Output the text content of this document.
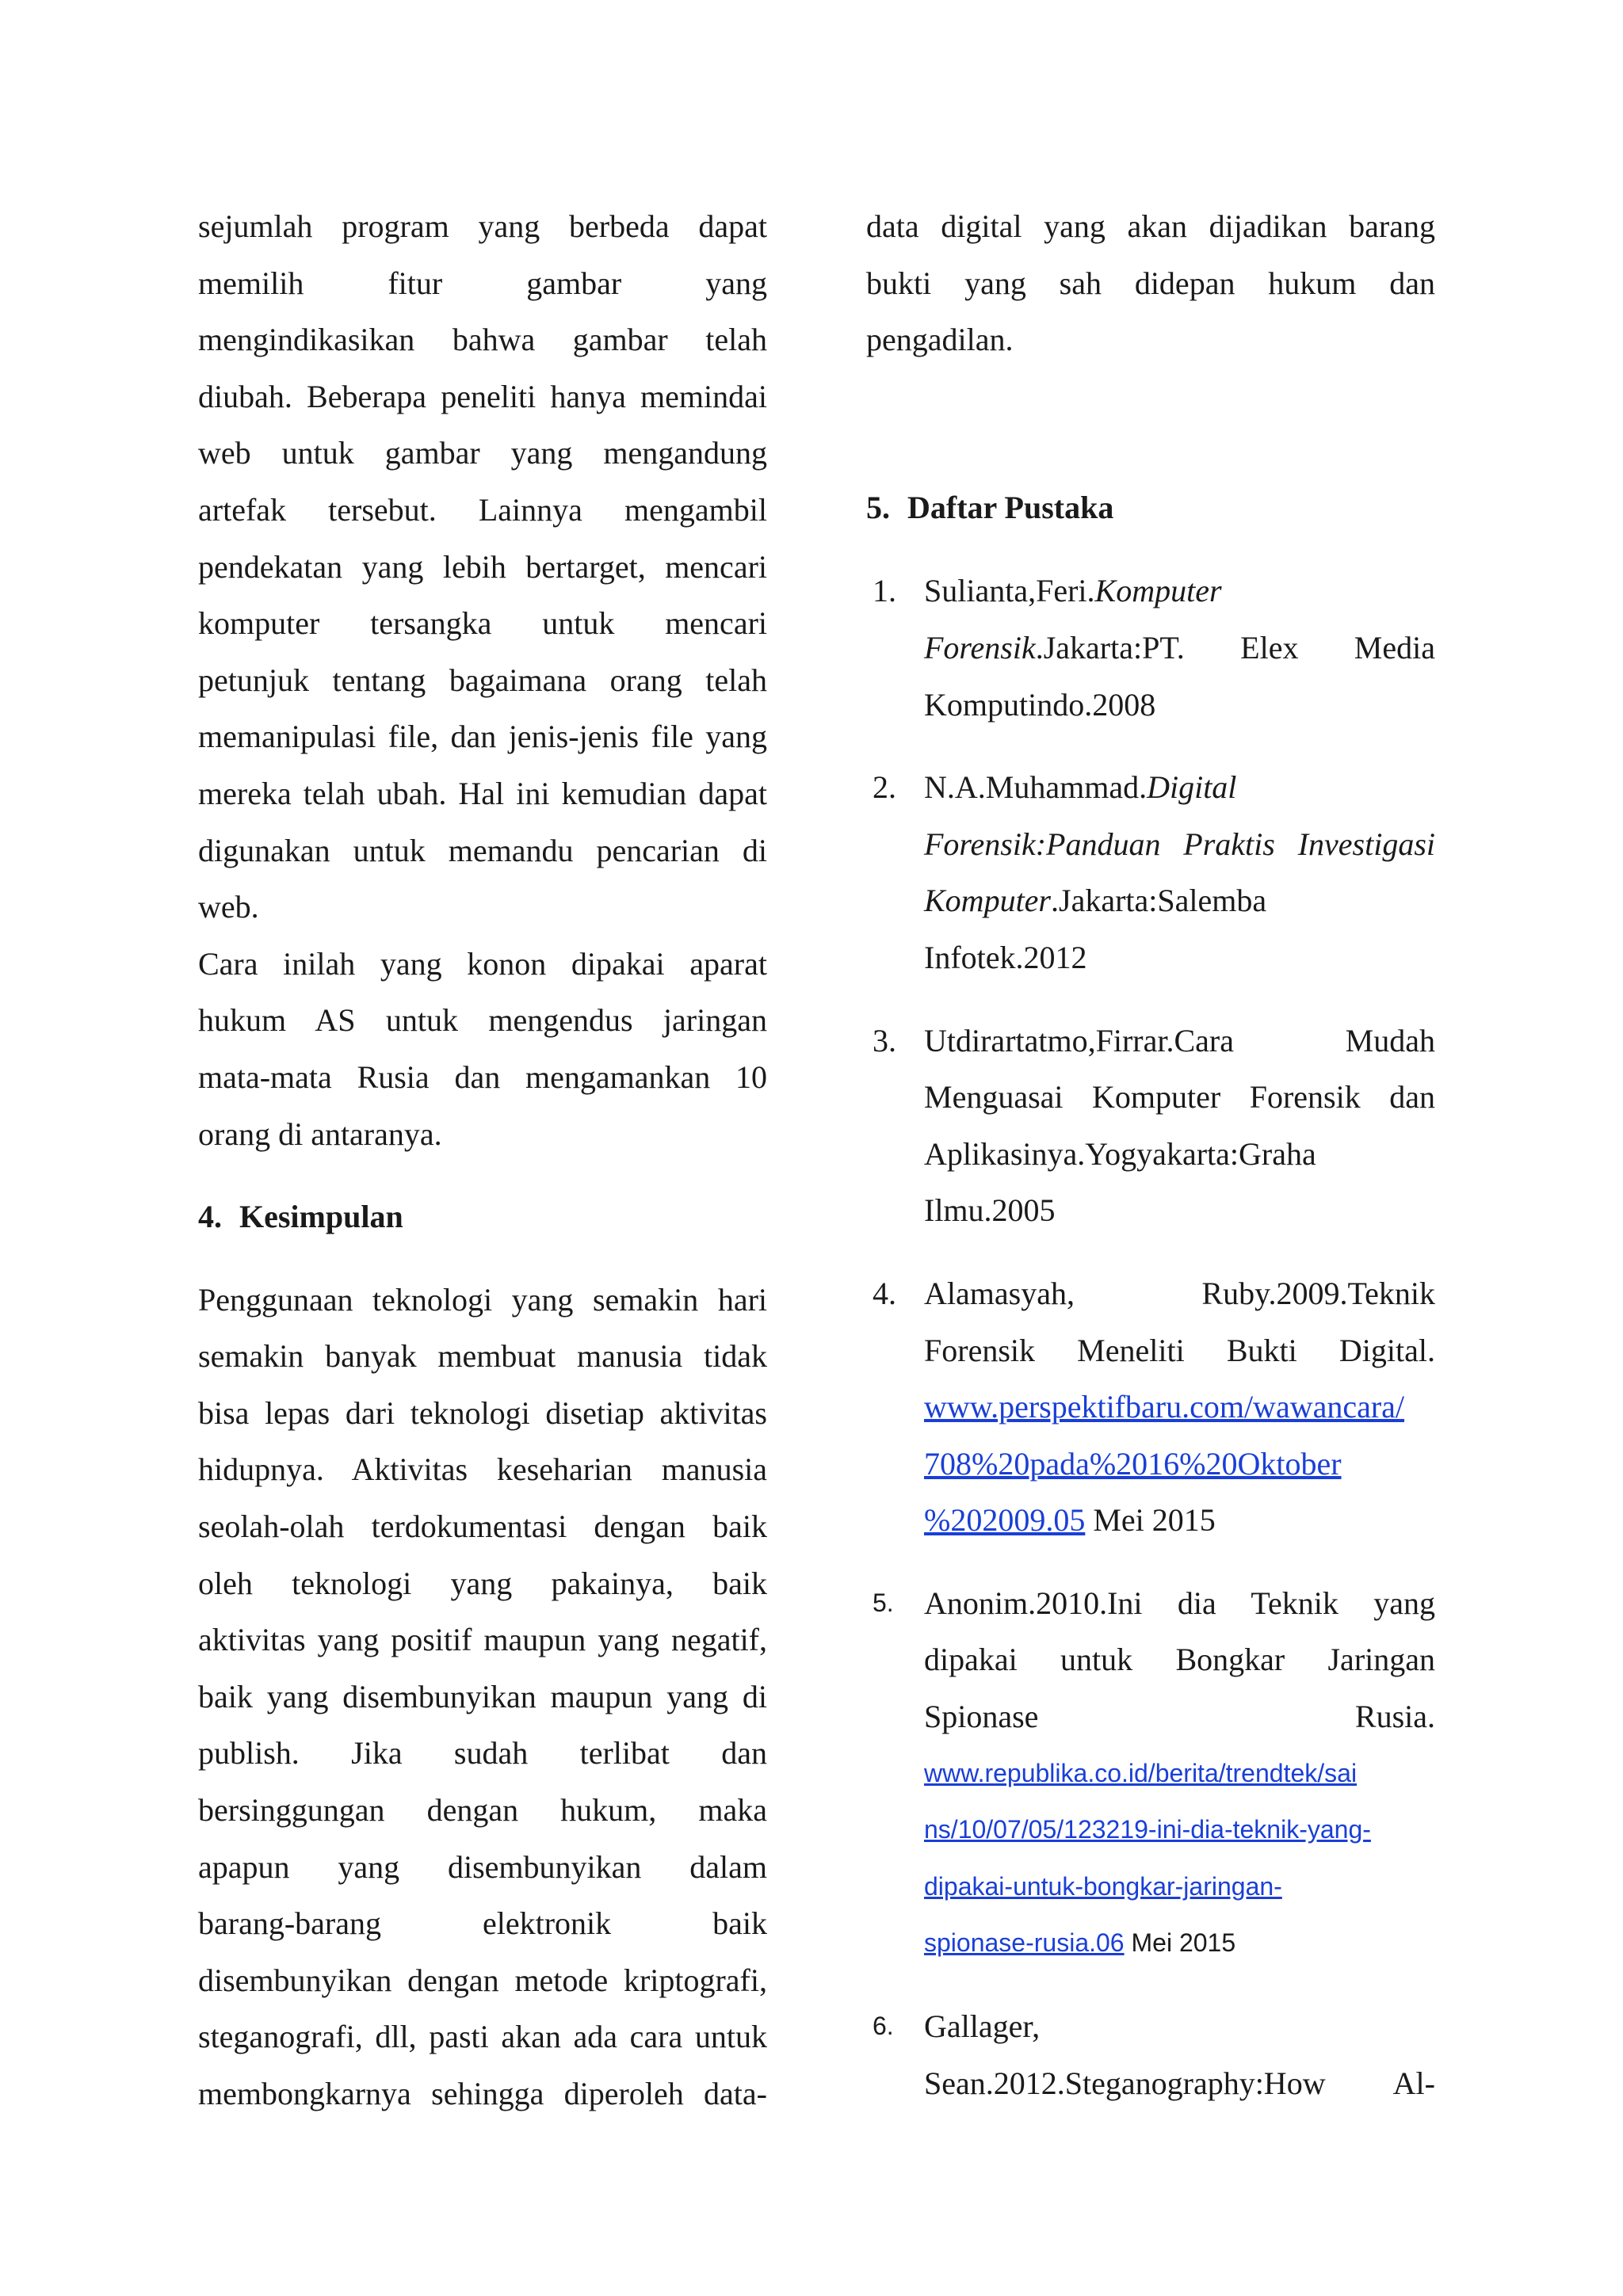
sejumlah program yang berbeda dapat
memilih fitur gambar yang
mengindikasikan bahwa gambar telah
diubah. Beberapa peneliti hanya memindai
web untuk gambar yang mengandung
artefak tersebut. Lainnya mengambil
pendekatan yang lebih bertarget, mencari
komputer tersangka untuk mencari
petunjuk tentang bagaimana orang telah
memanipulasi file, dan jenis-jenis file yang
mereka telah ubah. Hal ini kemudian dapat
digunakan untuk memandu pencarian di
web.
Cara inilah yang konon dipakai aparat
hukum AS untuk mengendus jaringan
mata-mata Rusia dan mengamankan 10
orang di antaranya.
4. Kesimpulan
Penggunaan teknologi yang semakin hari
semakin banyak membuat manusia tidak
bisa lepas dari teknologi disetiap aktivitas
hidupnya. Aktivitas keseharian manusia
seolah-olah terdokumentasi dengan baik
oleh teknologi yang pakainya, baik
aktivitas yang positif maupun yang negatif,
baik yang disembunyikan maupun yang di
publish. Jika sudah terlibat dan
bersinggungan dengan hukum, maka
apapun yang disembunyikan dalam
barang-barang elektronik baik
disembunyikan dengan metode kriptografi,
steganografi, dll, pasti akan ada cara untuk
membongkarnya sehingga diperoleh data-
data digital yang akan dijadikan barang
bukti yang sah didepan hukum dan
pengadilan.
5. Daftar Pustaka
1. Sulianta,Feri.Komputer
Forensik.Jakarta:PT. Elex Media
Komputindo.2008
2. N.A.Muhammad.Digital
Forensik:Panduan Praktis Investigasi
Komputer.Jakarta:Salemba
Infotek.2012
3. Utdirartatmo,Firrar.Cara Mudah
Menguasai Komputer Forensik dan
Aplikasinya.Yogyakarta:Graha
Ilmu.2005
4. Alamasyah, Ruby.2009.Teknik
Forensik Meneliti Bukti Digital.
www.perspektifbaru.com/wawancara/
708%20pada%2016%20Oktober
%202009.05 Mei 2015
5. Anonim.2010.Ini dia Teknik yang
dipakai untuk Bongkar Jaringan
Spionase Rusia.
www.republika.co.id/berita/trendtek/sai
ns/10/07/05/123219-ini-dia-teknik-yang-
dipakai-untuk-bongkar-jaringan-
spionase-rusia.06 Mei 2015
6. Gallager,
Sean.2012.Steganography:How Al-
